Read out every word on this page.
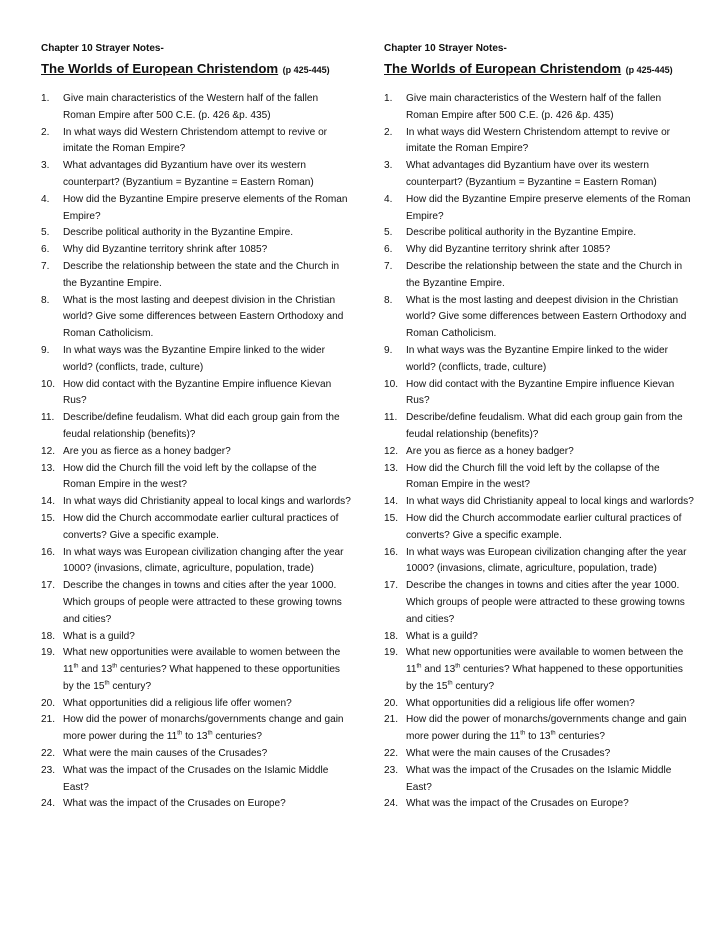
Chapter 10 Strayer Notes-

The Worlds of European Christendom (p 425-445)
1.	Give main characteristics of the Western half of the fallen Roman Empire after 500 C.E. (p. 426 &p. 435)
2.	In what ways did Western Christendom attempt to revive or imitate the Roman Empire?
3.	What advantages did Byzantium have over its western counterpart? (Byzantium = Byzantine = Eastern Roman)
4.	How did the Byzantine Empire preserve elements of the Roman Empire?
5.	Describe political authority in the Byzantine Empire.
6.	Why did Byzantine territory shrink after 1085?
7.	Describe the relationship between the state and the Church in the Byzantine Empire.
8.	What is the most lasting and deepest division in the Christian world? Give some differences between Eastern Orthodoxy and Roman Catholicism.
9.	In what ways was the Byzantine Empire linked to the wider world? (conflicts, trade, culture)
10. How did contact with the Byzantine Empire influence Kievan Rus?
11. Describe/define feudalism. What did each group gain from the feudal relationship (benefits)?
12. Are you as fierce as a honey badger?
13. How did the Church fill the void left by the collapse of the Roman Empire in the west?
14. In what ways did Christianity appeal to local kings and warlords?
15. How did the Church accommodate earlier cultural practices of converts? Give a specific example.
16. In what ways was European civilization changing after the year 1000? (invasions, climate, agriculture, population, trade)
17. Describe the changes in towns and cities after the year 1000. Which groups of people were attracted to these growing towns and cities?
18. What is a guild?
19. What new opportunities were available to women between the 11th and 13th centuries? What happened to these opportunities by the 15th century?
20. What opportunities did a religious life offer women?
21. How did the power of monarchs/governments change and gain more power during the 11th to 13th centuries?
22. What were the main causes of the Crusades?
23. What was the impact of the Crusades on the Islamic Middle East?
24. What was the impact of the Crusades on Europe?

Chapter 10 Strayer Notes-

The Worlds of European Christendom (p 425-445)
1.	Give main characteristics of the Western half of the fallen Roman Empire after 500 C.E. (p. 426 &p. 435)
2.	In what ways did Western Christendom attempt to revive or imitate the Roman Empire?
3.	What advantages did Byzantium have over its western counterpart? (Byzantium = Byzantine = Eastern Roman)
4.	How did the Byzantine Empire preserve elements of the Roman Empire?
5.	Describe political authority in the Byzantine Empire.
6.	Why did Byzantine territory shrink after 1085?
7.	Describe the relationship between the state and the Church in the Byzantine Empire.
8.	What is the most lasting and deepest division in the Christian world? Give some differences between Eastern Orthodoxy and Roman Catholicism.
9.	In what ways was the Byzantine Empire linked to the wider world? (conflicts, trade, culture)
10. How did contact with the Byzantine Empire influence Kievan Rus?
11. Describe/define feudalism. What did each group gain from the feudal relationship (benefits)?
12. Are you as fierce as a honey badger?
13. How did the Church fill the void left by the collapse of the Roman Empire in the west?
14. In what ways did Christianity appeal to local kings and warlords?
15. How did the Church accommodate earlier cultural practices of converts? Give a specific example.
16. In what ways was European civilization changing after the year 1000? (invasions, climate, agriculture, population, trade)
17. Describe the changes in towns and cities after the year 1000. Which groups of people were attracted to these growing towns and cities?
18. What is a guild?
19. What new opportunities were available to women between the 11th and 13th centuries? What happened to these opportunities by the 15th century?
20. What opportunities did a religious life offer women?
21. How did the power of monarchs/governments change and gain more power during the 11th to 13th centuries?
22. What were the main causes of the Crusades?
23. What was the impact of the Crusades on the Islamic Middle East?
24. What was the impact of the Crusades on Europe?
